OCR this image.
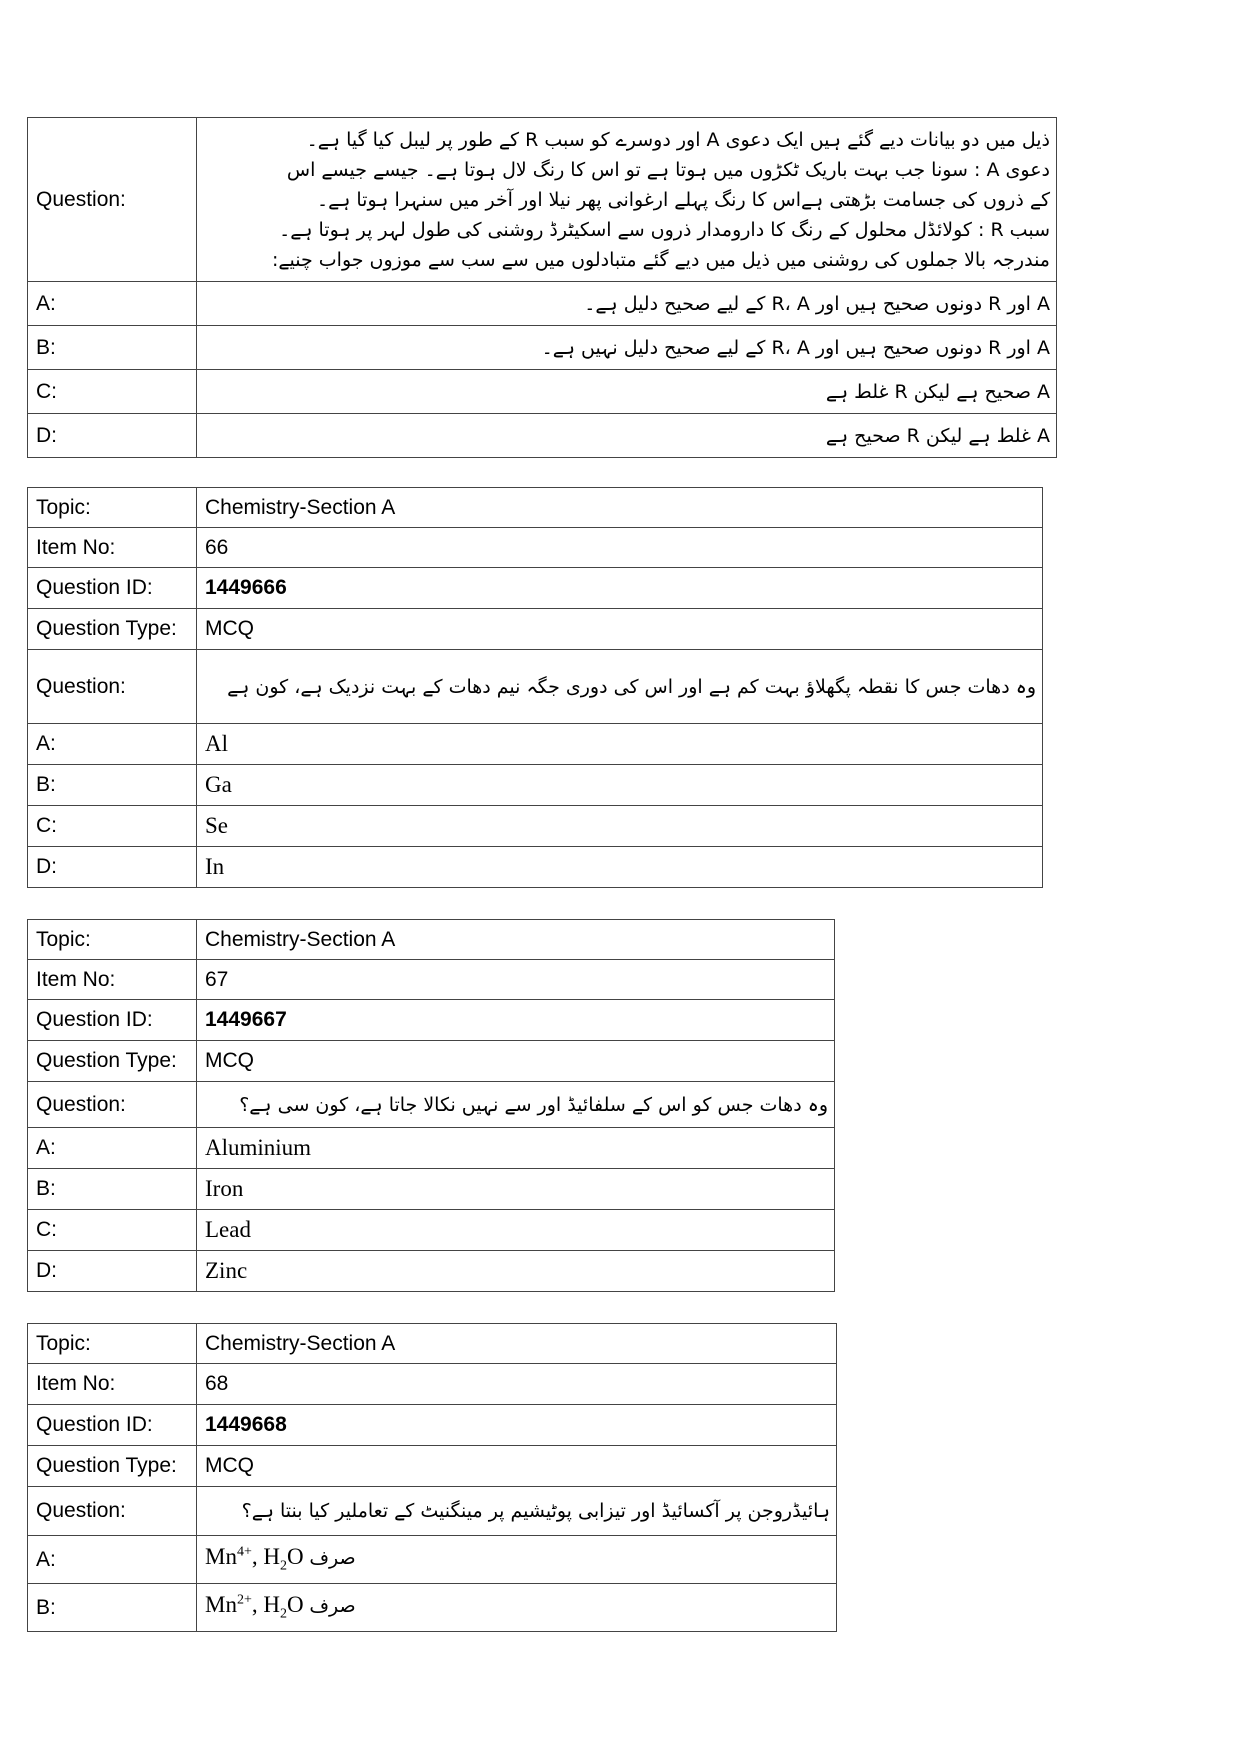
Question:	ذیل میں دو بیانات دیے گئے ہیں ایک دعوی A اور دوسرے کو سبب R کے طور پر لیبل کیا گیا ہے۔
دعوی A : سونا جب بہت باریک ٹکڑوں میں ہوتا ہے تو اس کا رنگ لال ہوتا ہے۔ جیسے جیسے اس
کے ذروں کی جسامت بڑھتی ہےاس کا رنگ پہلے ارغوانی پھر نیلا اور آخر میں سنہرا ہوتا ہے۔
سبب R : کولائڈل محلول کے رنگ کا دارومدار ذروں سے اسکیٹرڈ روشنی کی طول لہر پر ہوتا ہے۔
مندرجہ بالا جملوں کی روشنی میں ذیل میں دیے گئے متبادلوں میں سے سب سے موزوں جواب چنیے:

A:	A اور R دونوں صحیح ہیں اور R، A کے لیے صحیح دلیل ہے۔
B:	A اور R دونوں صحیح ہیں اور R، A کے لیے صحیح دلیل نہیں ہے۔
C:	A صحیح ہے لیکن R غلط ہے
D:	A غلط ہے لیکن R صحیح ہے
Topic:	Chemistry-Section A
Item No:	66
Question ID:	1449666
Question Type:	MCQ
Question:	وہ دھات جس کا نقطہ پگھلاؤ بہت کم ہے اور اس کی دوری جگہ نیم دھات کے بہت نزدیک ہے، کون ہے
A:	Al
B:	Ga
C:	Se
D:	In
Topic:	Chemistry-Section A
Item No:	67
Question ID:	1449667
Question Type:	MCQ
Question:	وہ دھات جس کو اس کے سلفائیڈ اور سے نہیں نکالا جاتا ہے، کون سی ہے؟
A:	Aluminium
B:	Iron
C:	Lead
D:	Zinc
Topic:	Chemistry-Section A
Item No:	68
Question ID:	1449668
Question Type:	MCQ
Question:	ہائیڈروجن پر آکسائیڈ اور تیزابی پوٹیشیم پر مینگنیٹ کے تعاملیر کیا بنتا ہے؟
A:	$Mn^{4+}$, $H_2O$ صرف
B:	$Mn^{2+}$, $H_2O$ صرف
